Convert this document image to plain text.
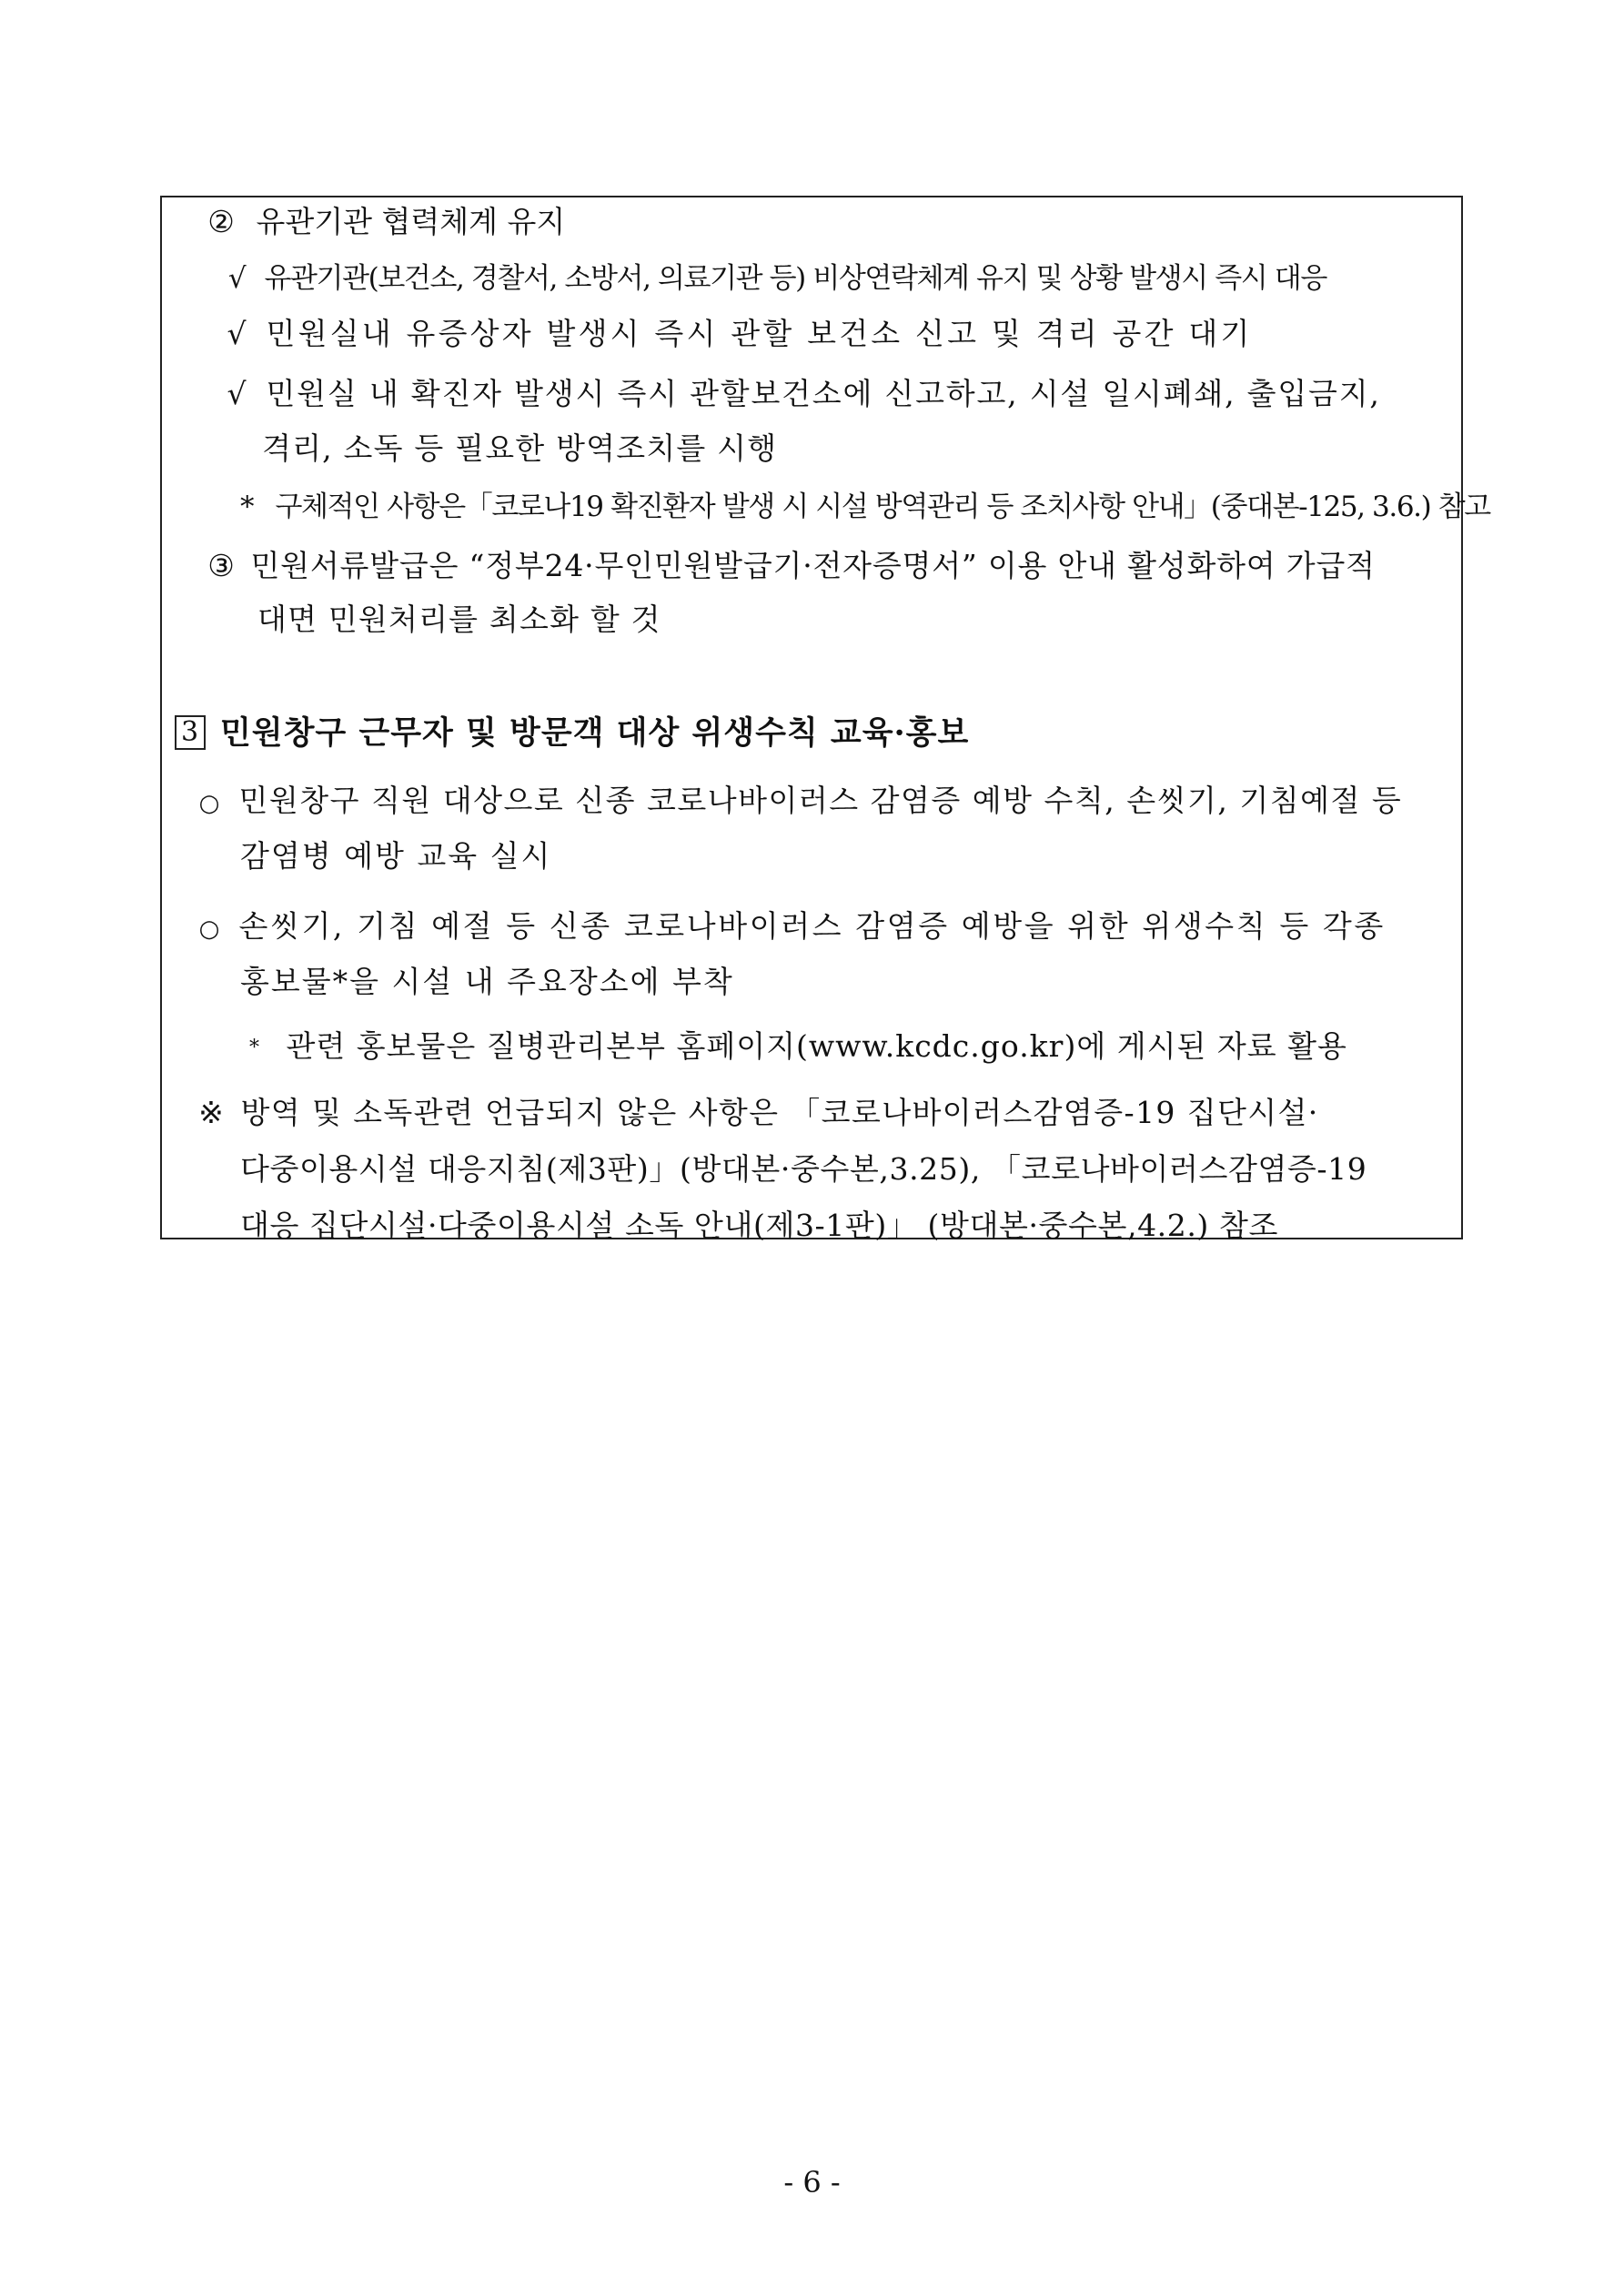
② 유관기관 협력체계 유지
√ 유관기관(보건소, 경찰서, 소방서, 의료기관 등) 비상연락체계 유지 및 상황 발생시 즉시 대응
√ 민원실내 유증상자 발생시 즉시 관할 보건소 신고 및 격리 공간 대기
√ 민원실 내 확진자 발생시 즉시 관할보건소에 신고하고, 시설 일시폐쇄, 출입금지,
격리, 소독 등 필요한 방역조치를 시행
* 구체적인 사항은「코로나19 확진환자 발생 시 시설 방역관리 등 조치사항 안내」(중대본-125, 3.6.) 참고
③ 민원서류발급은 “정부24·무인민원발급기·전자증명서” 이용 안내 활성화하여 가급적
대면 민원처리를 최소화 할 것
3 민원창구 근무자 및 방문객 대상 위생수칙 교육·홍보
○ 민원창구 직원 대상으로 신종 코로나바이러스 감염증 예방 수칙, 손씻기, 기침예절 등
감염병 예방 교육 실시
○ 손씻기, 기침 예절 등 신종 코로나바이러스 감염증 예방을 위한 위생수칙 등 각종
홍보물*을 시설 내 주요장소에 부착
* 관련 홍보물은 질병관리본부 홈페이지(www.kcdc.go.kr)에 게시된 자료 활용
※ 방역 및 소독관련 언급되지 않은 사항은 「코로나바이러스감염증-19 집단시설·
다중이용시설 대응지침(제3판)」(방대본·중수본,3.25), 「코로나바이러스감염증-19
대응 집단시설·다중이용시설 소독 안내(제3-1판)」 (방대본·중수본,4.2.) 참조
- 6 -
